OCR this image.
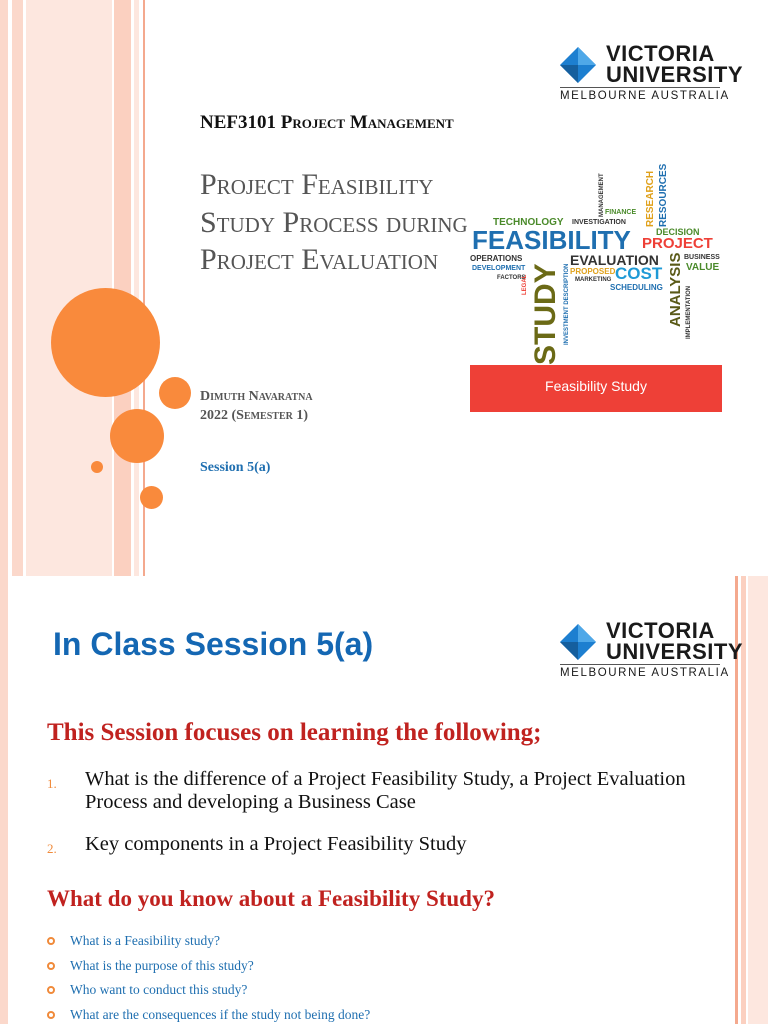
VICTORIA
UNIVERSITY
MELBOURNE AUSTRALIA
NEF3101 Project Management
Project Feasibility Study Process during Project Evaluation
Dimuth Navaratna
2022 (Semester 1)
Session 5(a)
MANAGEMENT	RESEARCH RESOURCES
FINANCE
TECHNOLOGY INVESTIGATION
DECISION
FEASIBILITY PROJECT
OPERATIONS
DEVELOPMENT
FACTORS
EVALUATION	BUSINESS
VALUE
PROPOSED
MARKETING COST
SCHEDULING
STUDY
LEGAL	INVESTMENT DESCRIPTION	ANALYSIS IMPLEMENTATION
Feasibility Study
In Class Session 5(a)	VICTORIA
UNIVERSITY
MELBOURNE AUSTRALIA
This Session focuses on learning the following;
1. What is the difference of a Project Feasibility Study, a Project Evaluation Process and developing a Business Case
2. Key components in a Project Feasibility Study
What do you know about a Feasibility Study?
What is a Feasibility study?
What is the purpose of this study?
Who want to conduct this study?
What are the consequences if the study not being done?
